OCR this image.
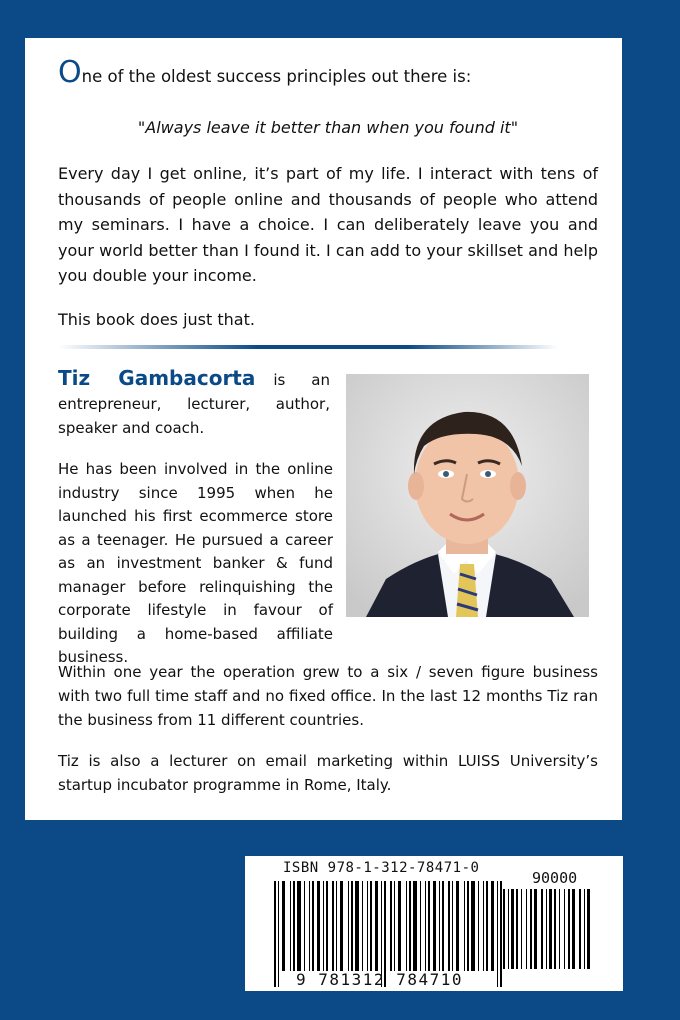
One of the oldest success principles out there is:
"Always leave it better than when you found it"
Every day I get online, it’s part of my life. I interact with tens of thousands of people online and thousands of people who attend my seminars. I have a choice. I can deliberately leave you and your world better than I found it. I can add to your skillset and help you double your income.
This book does just that.
Tiz Gambacorta is an entrepreneur, lecturer, author, speaker and coach.
He has been involved in the online industry since 1995 when he launched his first ecommerce store as a teenager. He pursued a career as an investment banker & fund manager before relinquishing the corporate lifestyle in favour of building a home-based affiliate business.
Within one year the operation grew to a six / seven figure business with two full time staff and no fixed office. In the last 12 months Tiz ran the business from 11 different countries.
Tiz is also a lecturer on email marketing within LUISS University’s startup incubator programme in Rome, Italy.
ISBN 978-1-312-78471-0
90000
9 781312 784710
